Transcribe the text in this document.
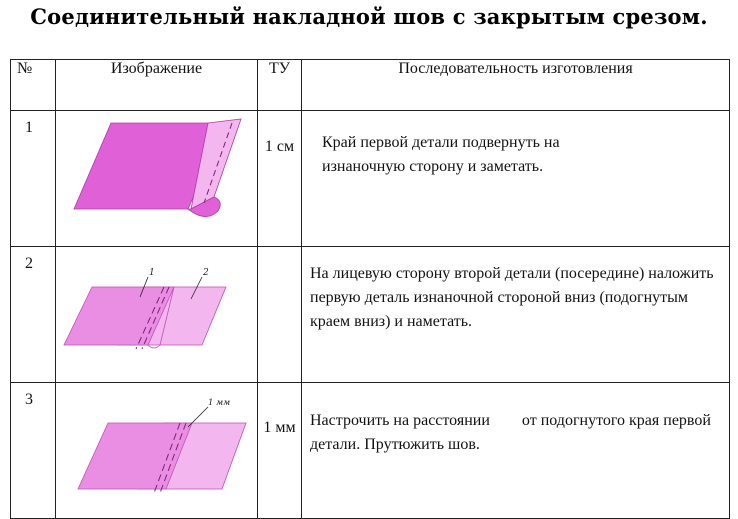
Соединительный накладной шов с закрытым срезом.
№	Изображение	ТУ	Последовательность изготовления
1		1 см	Край первой детали подвернуть на изнаночную сторону и заметать.

2	1 2		На лицевую сторону второй детали (посередине) наложить первую деталь изнаночной стороной вниз (подогнутым краем вниз) и наметать.

3	1 мм	1 мм	Настрочить на расстоянии        от подогнутого края первой детали. Прутюжить шов.
